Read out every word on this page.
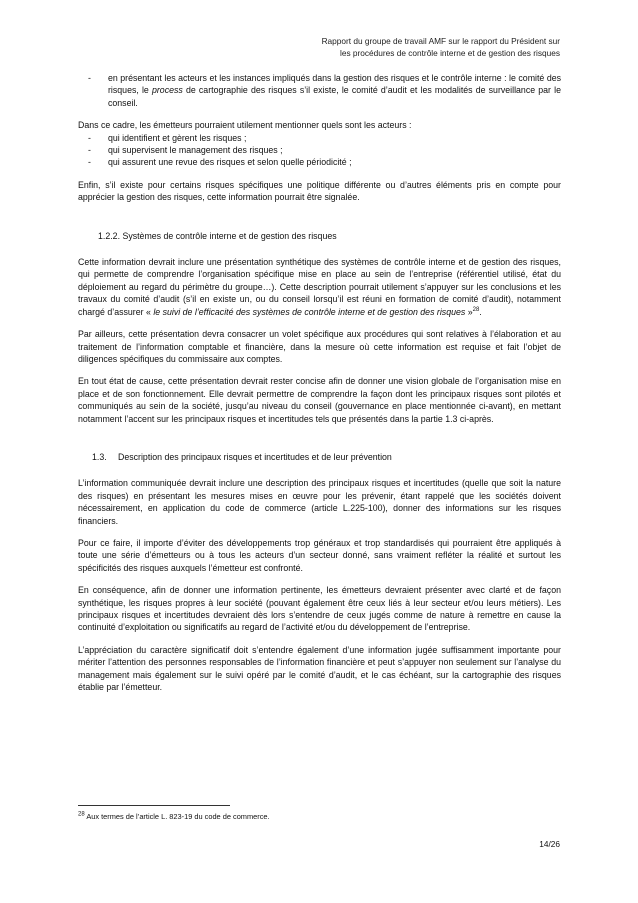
Rapport du groupe de travail AMF sur le rapport du Président sur
les procédures de contrôle interne et de gestion des risques
- en présentant les acteurs et les instances impliqués dans la gestion des risques et le contrôle interne : le comité des risques, le process de cartographie des risques s’il existe, le comité d’audit et les modalités de surveillance par le conseil.

Dans ce cadre, les émetteurs pourraient utilement mentionner quels sont les acteurs :

- qui identifient et gèrent les risques ;
- qui supervisent le management des risques ;
- qui assurent une revue des risques et selon quelle périodicité ;

Enfin, s’il existe pour certains risques spécifiques une politique différente ou d’autres éléments pris en compte pour apprécier la gestion des risques, cette information pourrait être signalée.

1.2.2. Systèmes de contrôle interne et de gestion des risques

Cette information devrait inclure une présentation synthétique des systèmes de contrôle interne et de gestion des risques, qui permette de comprendre l’organisation spécifique mise en place au sein de l’entreprise (référentiel utilisé, état du déploiement au regard du périmètre du groupe…). Cette description pourrait utilement s’appuyer sur les conclusions et les travaux du comité d’audit (s’il en existe un, ou du conseil lorsqu’il est réuni en formation de comité d’audit), notamment chargé d’assurer « le suivi de l’efficacité des systèmes de contrôle interne et de gestion des risques »$^{28}$.

Par ailleurs, cette présentation devra consacrer un volet spécifique aux procédures qui sont relatives à l’élaboration et au traitement de l’information comptable et financière, dans la mesure où cette information est requise et fait l’objet de diligences spécifiques du commissaire aux comptes.

En tout état de cause, cette présentation devrait rester concise afin de donner une vision globale de l’organisation mise en place et de son fonctionnement. Elle devrait permettre de comprendre la façon dont les principaux risques sont pilotés et communiqués au sein de la société, jusqu’au niveau du conseil (gouvernance en place mentionnée ci-avant), en mettant notamment l’accent sur les principaux risques et incertitudes tels que présentés dans la partie 1.3 ci-après.

1.3. Description des principaux risques et incertitudes et de leur prévention

L’information communiquée devrait inclure une description des principaux risques et incertitudes (quelle que soit la nature des risques) en présentant les mesures mises en œuvre pour les prévenir, étant rappelé que les sociétés doivent nécessairement, en application du code de commerce (article L.225-100), donner des informations sur les risques financiers.

Pour ce faire, il importe d’éviter des développements trop généraux et trop standardisés qui pourraient être appliqués à toute une série d’émetteurs ou à tous les acteurs d’un secteur donné, sans vraiment refléter la réalité et surtout les spécificités des risques auxquels l’émetteur est confronté.

En conséquence, afin de donner une information pertinente, les émetteurs devraient présenter avec clarté et de façon synthétique, les risques propres à leur société (pouvant également être ceux liés à leur secteur et/ou leurs métiers). Les principaux risques et incertitudes devraient dès lors s’entendre de ceux jugés comme de nature à remettre en cause la continuité d’exploitation ou significatifs au regard de l’activité et/ou du développement de l’entreprise.

L’appréciation du caractère significatif doit s’entendre également d’une information jugée suffisamment importante pour mériter l’attention des personnes responsables de l’information financière et peut s’appuyer non seulement sur l’analyse du management mais également sur le suivi opéré par le comité d’audit, et le cas échéant, sur la cartographie des risques établie par l’émetteur.

$^{28}$ Aux termes de l’article L. 823-19 du code de commerce.
14/26
